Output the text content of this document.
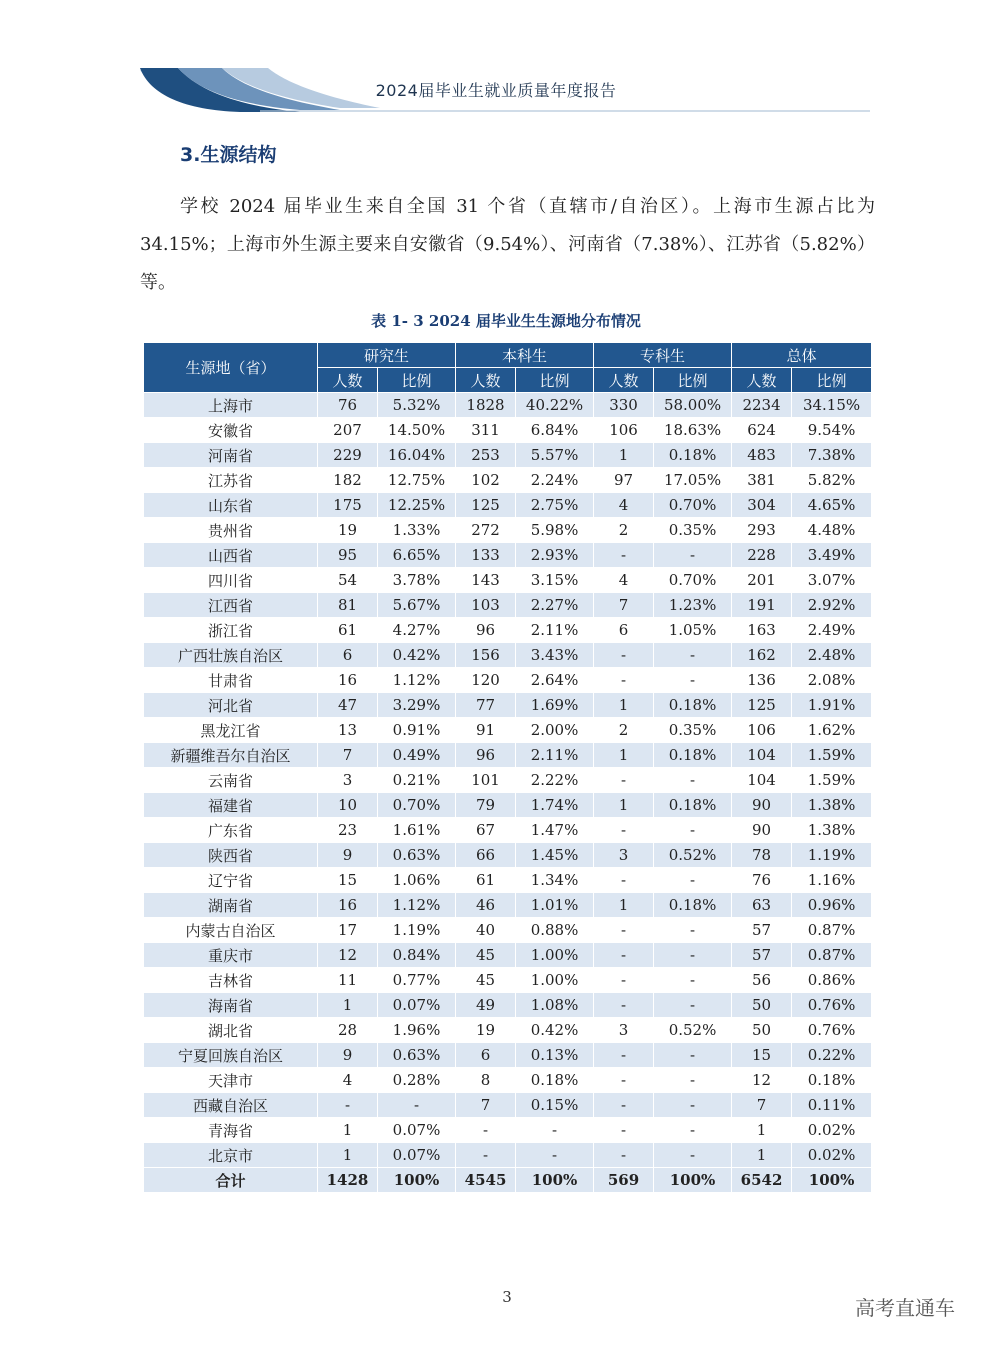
2024届毕业生就业质量年度报告
3.生源结构
学校 2024 届毕业生来自全国 31 个省（直辖市/自治区）。上海市生源占比为 34.15%；上海市外生源主要来自安徽省（9.54%）、河南省（7.38%）、江苏省（5.82%）等。
表 1- 3 2024 届毕业生生源地分布情况
生源地（省）	研究生		本科生		专科生		总体	
	人数	比例	人数	比例	人数	比例	人数	比例
上海市	76	5.32%	1828	40.22%	330	58.00%	2234	34.15%
安徽省	207	14.50%	311	6.84%	106	18.63%	624	9.54%
河南省	229	16.04%	253	5.57%	1	0.18%	483	7.38%
江苏省	182	12.75%	102	2.24%	97	17.05%	381	5.82%
山东省	175	12.25%	125	2.75%	4	0.70%	304	4.65%
贵州省	19	1.33%	272	5.98%	2	0.35%	293	4.48%
山西省	95	6.65%	133	2.93%	-	-	228	3.49%
四川省	54	3.78%	143	3.15%	4	0.70%	201	3.07%
江西省	81	5.67%	103	2.27%	7	1.23%	191	2.92%
浙江省	61	4.27%	96	2.11%	6	1.05%	163	2.49%
广西壮族自治区	6	0.42%	156	3.43%	-	-	162	2.48%
甘肃省	16	1.12%	120	2.64%	-	-	136	2.08%
河北省	47	3.29%	77	1.69%	1	0.18%	125	1.91%
黑龙江省	13	0.91%	91	2.00%	2	0.35%	106	1.62%
新疆维吾尔自治区	7	0.49%	96	2.11%	1	0.18%	104	1.59%
云南省	3	0.21%	101	2.22%	-	-	104	1.59%
福建省	10	0.70%	79	1.74%	1	0.18%	90	1.38%
广东省	23	1.61%	67	1.47%	-	-	90	1.38%
陕西省	9	0.63%	66	1.45%	3	0.52%	78	1.19%
辽宁省	15	1.06%	61	1.34%	-	-	76	1.16%
湖南省	16	1.12%	46	1.01%	1	0.18%	63	0.96%
内蒙古自治区	17	1.19%	40	0.88%	-	-	57	0.87%
重庆市	12	0.84%	45	1.00%	-	-	57	0.87%
吉林省	11	0.77%	45	1.00%	-	-	56	0.86%
海南省	1	0.07%	49	1.08%	-	-	50	0.76%
湖北省	28	1.96%	19	0.42%	3	0.52%	50	0.76%
宁夏回族自治区	9	0.63%	6	0.13%	-	-	15	0.22%
天津市	4	0.28%	8	0.18%	-	-	12	0.18%
西藏自治区	-	-	7	0.15%	-	-	7	0.11%
青海省	1	0.07%	-	-	-	-	1	0.02%
北京市	1	0.07%	-	-	-	-	1	0.02%
合计	1428	100%	4545	100%	569	100%	6542	100%
3	高考直通车
